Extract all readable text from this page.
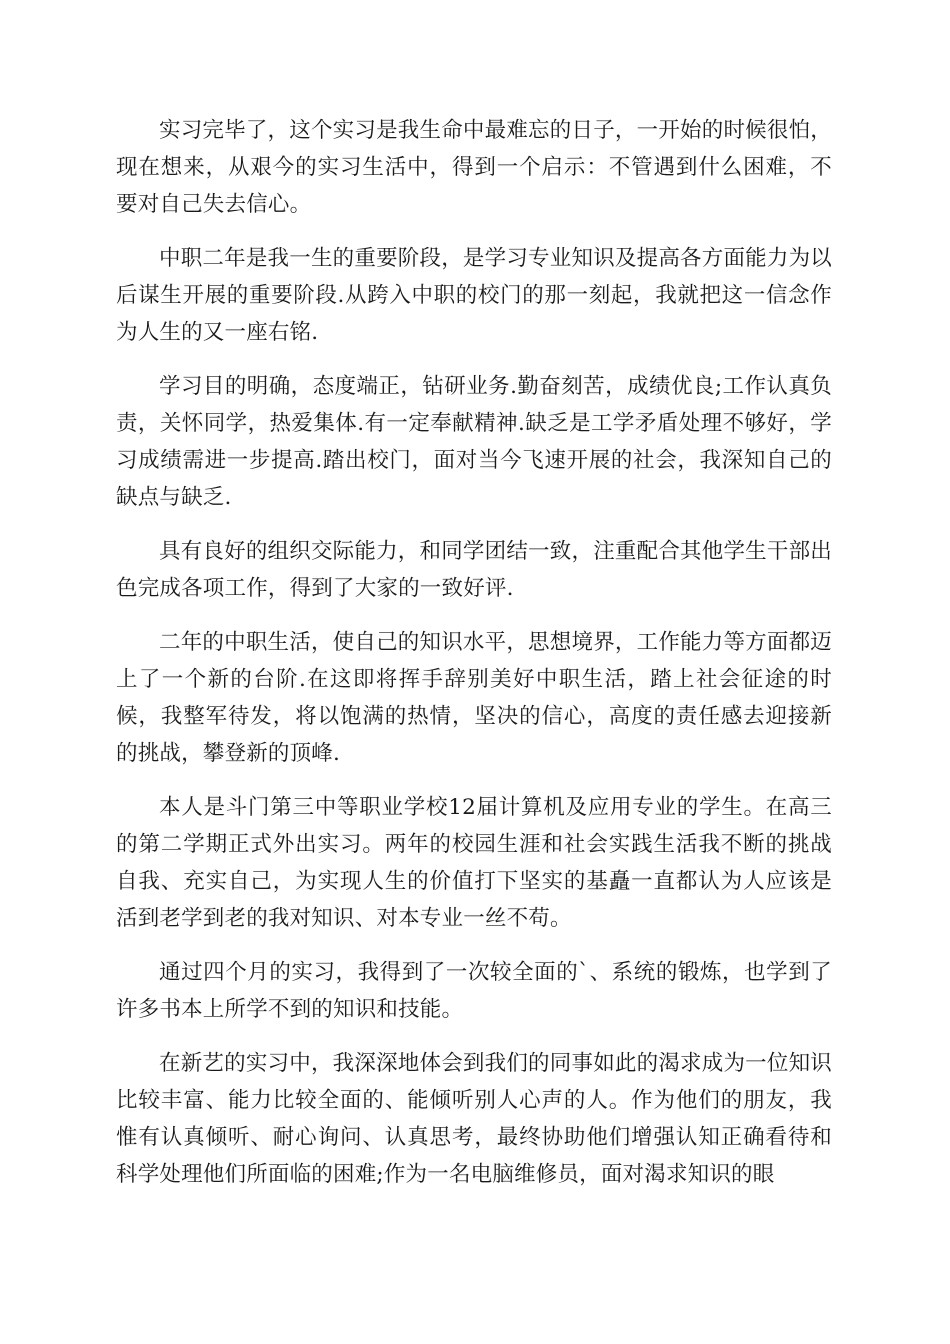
实习完毕了，这个实习是我生命中最难忘的日子，一开始的时候很怕，现在想来，从艰今的实习生活中，得到一个启示：不管遇到什么困难，不要对自己失去信心。

中职二年是我一生的重要阶段，是学习专业知识及提高各方面能力为以后谋生开展的重要阶段.从跨入中职的校门的那一刻起，我就把这一信念作为人生的又一座右铭.

学习目的明确，态度端正，钻研业务.勤奋刻苦，成绩优良;工作认真负责，关怀同学，热爱集体.有一定奉献精神.缺乏是工学矛盾处理不够好，学习成绩需进一步提高.踏出校门，面对当今飞速开展的社会，我深知自己的缺点与缺乏.

具有良好的组织交际能力，和同学团结一致，注重配合其他学生干部出色完成各项工作，得到了大家的一致好评.

二年的中职生活，使自己的知识水平，思想境界，工作能力等方面都迈上了一个新的台阶.在这即将挥手辞别美好中职生活，踏上社会征途的时候，我整军待发，将以饱满的热情，坚决的信心，高度的责任感去迎接新的挑战，攀登新的顶峰.

本人是斗门第三中等职业学校12届计算机及应用专业的学生。在高三的第二学期正式外出实习。两年的校园生涯和社会实践生活我不断的挑战自我、充实自己，为实现人生的价值打下坚实的基矗一直都认为人应该是活到老学到老的我对知识、对本专业一丝不苟。

通过四个月的实习，我得到了一次较全面的`、系统的锻炼，也学到了许多书本上所学不到的知识和技能。

在新艺的实习中，我深深地体会到我们的同事如此的渴求成为一位知识比较丰富、能力比较全面的、能倾听别人心声的人。作为他们的朋友，我惟有认真倾听、耐心询问、认真思考，最终协助他们增强认知正确看待和科学处理他们所面临的困难;作为一名电脑维修员，面对渴求知识的眼
